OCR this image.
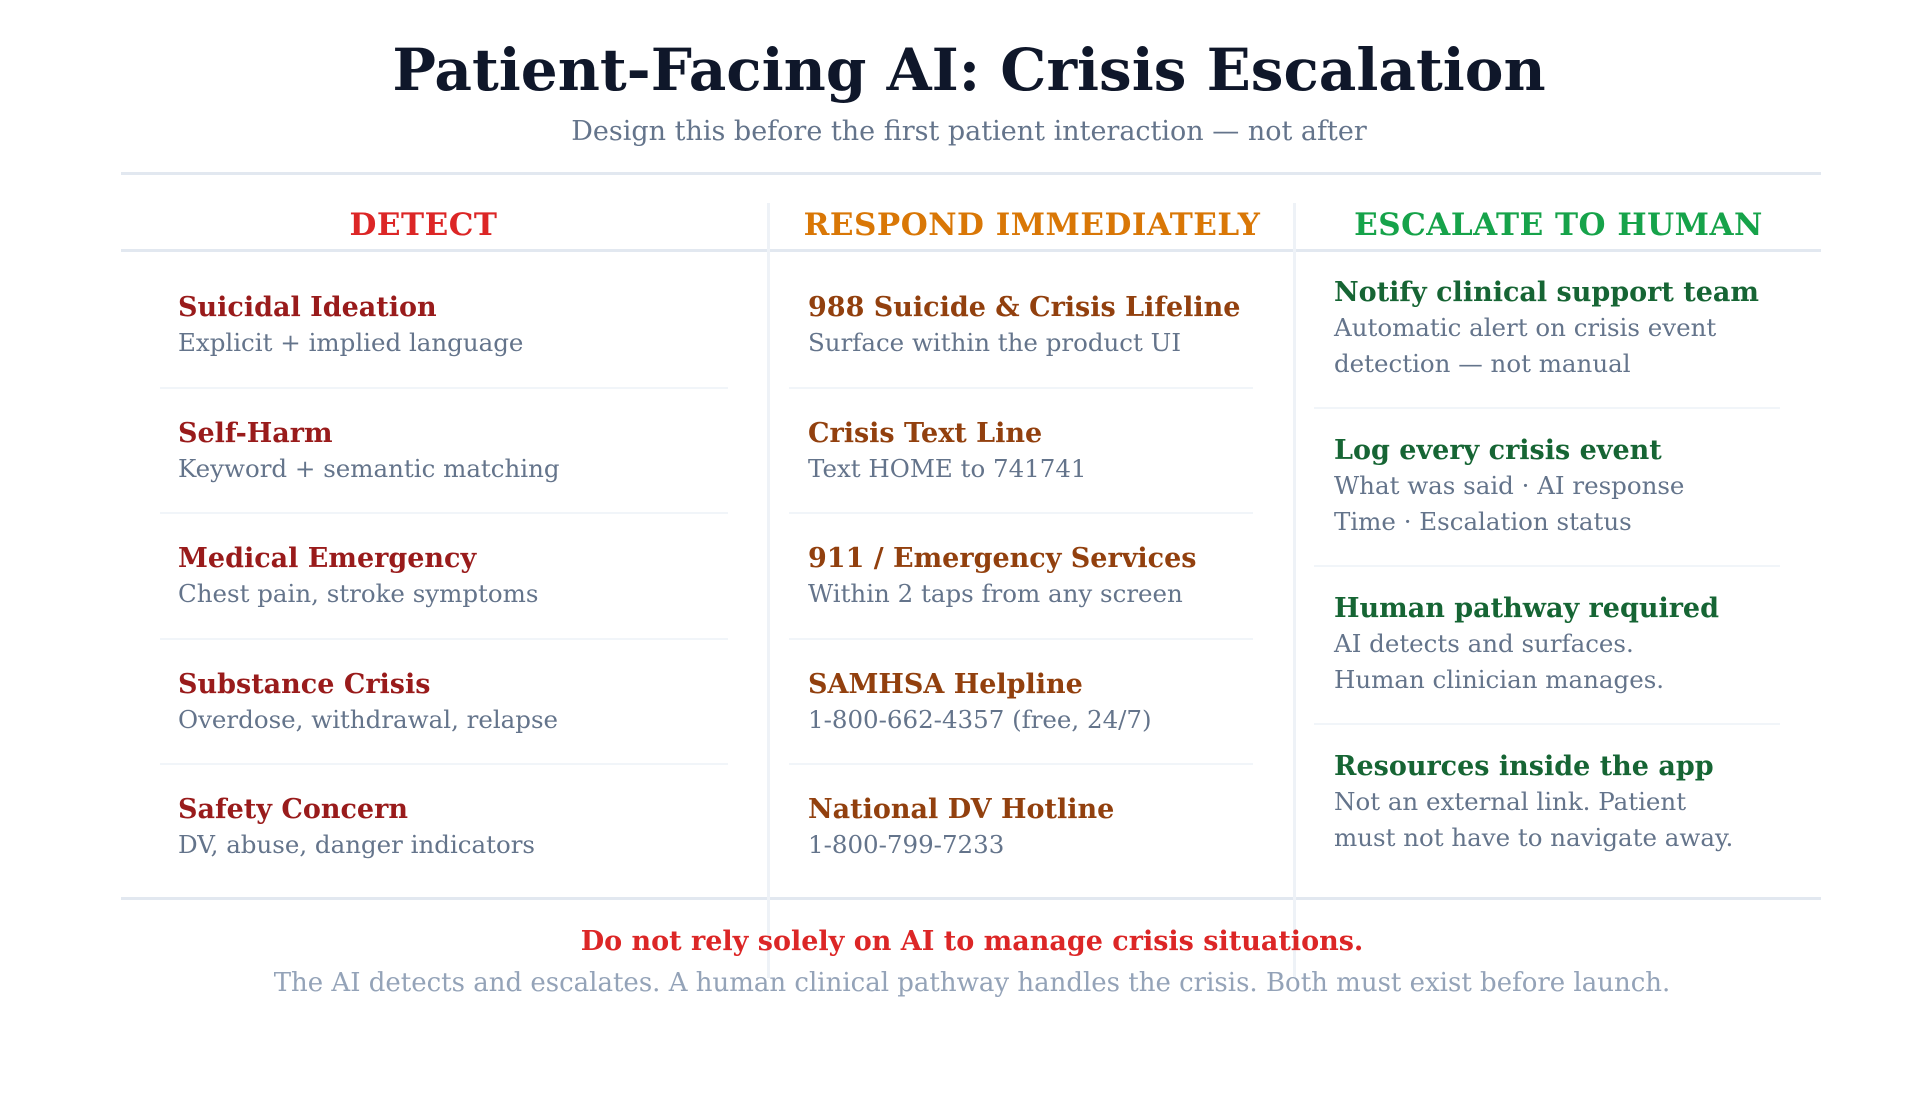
Patient-Facing AI: Crisis Escalation
Design this before the first patient interaction — not after
DETECT	RESPOND IMMEDIATELY	ESCALATE TO HUMAN
Suicidal Ideation
Explicit + implied language
Self-Harm
Keyword + semantic matching
Medical Emergency
Chest pain, stroke symptoms
Substance Crisis
Overdose, withdrawal, relapse
Safety Concern
DV, abuse, danger indicators
988 Suicide & Crisis Lifeline
Surface within the product UI
Crisis Text Line
Text HOME to 741741
911 / Emergency Services
Within 2 taps from any screen
SAMHSA Helpline
1-800-662-4357 (free, 24/7)
National DV Hotline
1-800-799-7233
Notify clinical support team
Automatic alert on crisis event
detection — not manual
Log every crisis event
What was said · AI response
Time · Escalation status
Human pathway required
AI detects and surfaces.
Human clinician manages.
Resources inside the app
Not an external link. Patient
must not have to navigate away.
Do not rely solely on AI to manage crisis situations.
The AI detects and escalates. A human clinical pathway handles the crisis. Both must exist before launch.
